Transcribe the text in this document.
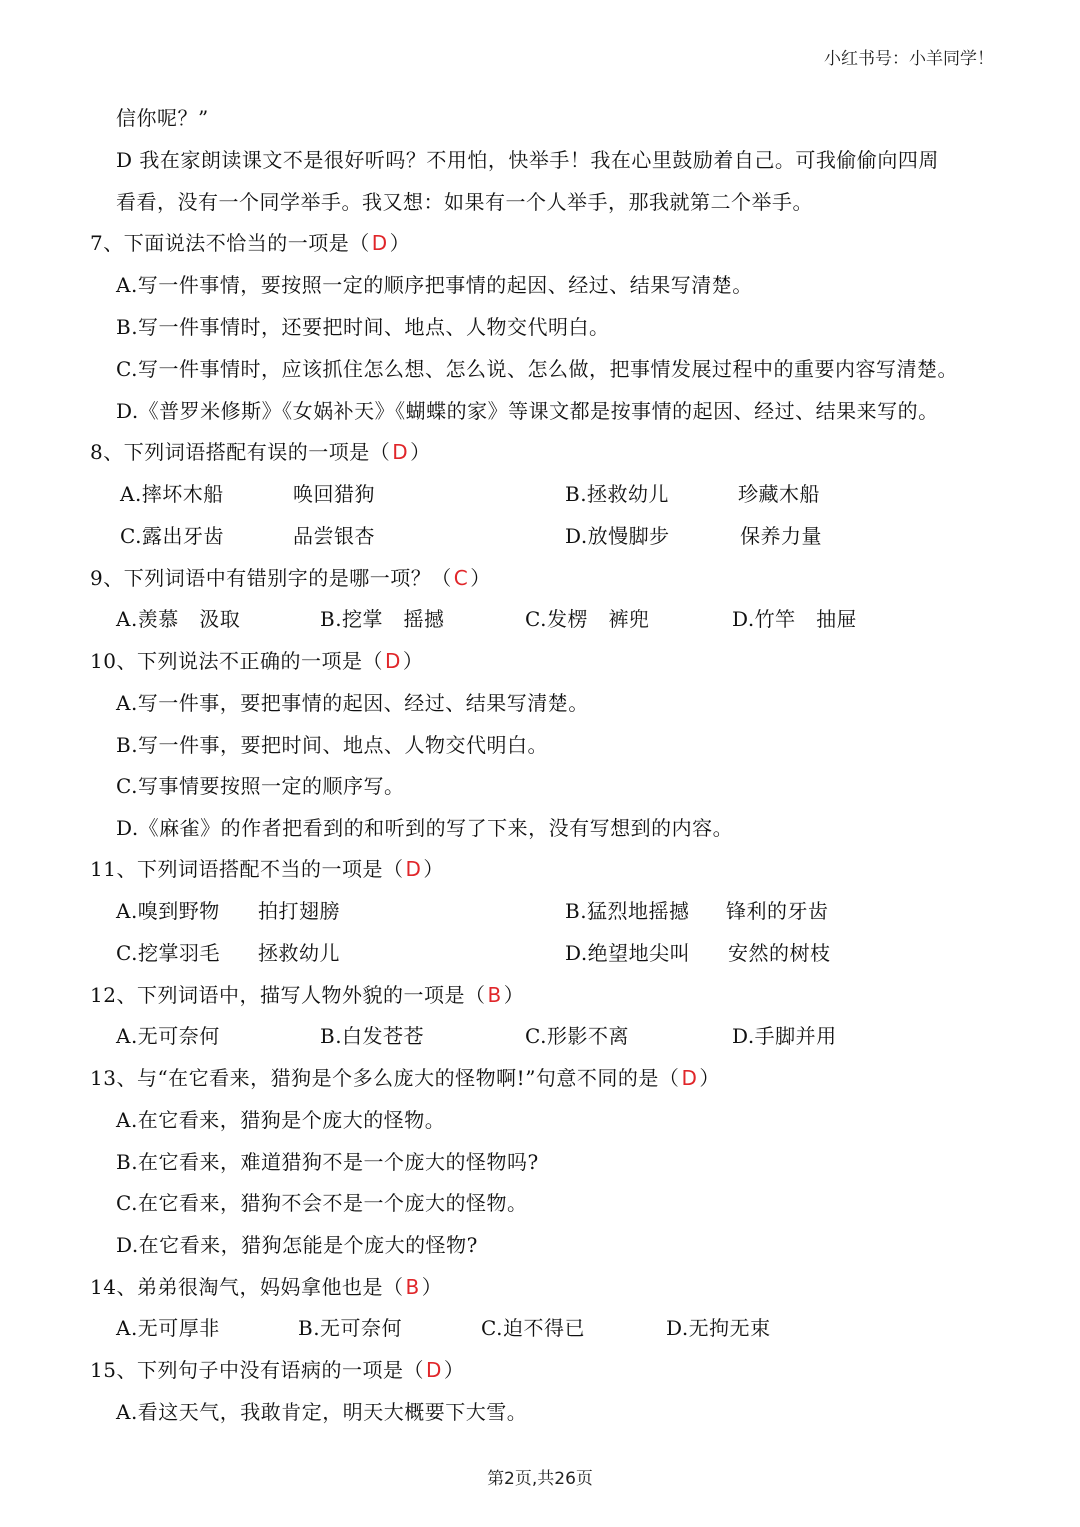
小红书号：小羊同学！
信你呢？”
D 我在家朗读课文不是很好听吗？不用怕，快举手！我在心里鼓励着自己。可我偷偷向四周
看看，没有一个同学举手。我又想：如果有一个人举手，那我就第二个举手。
7、下面说法不恰当的一项是（ D ）
A.写一件事情，要按照一定的顺序把事情的起因、经过、结果写清楚。
B.写一件事情时，还要把时间、地点、人物交代明白。
C.写一件事情时，应该抓住怎么想、怎么说、怎么做，把事情发展过程中的重要内容写清楚。
D.《普罗米修斯》《女娲补天》《蝴蝶的家》等课文都是按事情的起因、经过、结果来写的。
8、下列词语搭配有误的一项是（ D ）
A.摔坏木船	唤回猎狗	B.拯救幼儿	珍藏木船
C.露出牙齿	品尝银杏	D.放慢脚步	保养力量
9、下列词语中有错别字的是哪一项？（ C ）
A.羡慕　汲取	B.挖掌　摇撼	C.发楞　裤兜	D.竹竿　抽屉
10、下列说法不正确的一项是（ D ）
A.写一件事，要把事情的起因、经过、结果写清楚。
B.写一件事，要把时间、地点、人物交代明白。
C.写事情要按照一定的顺序写。
D.《麻雀》的作者把看到的和听到的写了下来，没有写想到的内容。
11、下列词语搭配不当的一项是（ D ）
A.嗅到野物 拍打翅膀	B.猛烈地摇撼 锋利的牙齿
C.挖掌羽毛 拯救幼儿	D.绝望地尖叫 安然的树枝
12、下列词语中，描写人物外貌的一项是（ B ）
A.无可奈何	B.白发苍苍	C.形影不离	D.手脚并用
13、与“在它看来，猎狗是个多么庞大的怪物啊!”句意不同的是（ D ）
A.在它看来，猎狗是个庞大的怪物。
B.在它看来，难道猎狗不是一个庞大的怪物吗?
C.在它看来，猎狗不会不是一个庞大的怪物。
D.在它看来，猎狗怎能是个庞大的怪物?
14、弟弟很淘气，妈妈拿他也是（ B ）
A.无可厚非	B.无可奈何	C.迫不得已	D.无拘无束
15、下列句子中没有语病的一项是（ D ）
A.看这天气，我敢肯定，明天大概要下大雪。
第2页,共26页
